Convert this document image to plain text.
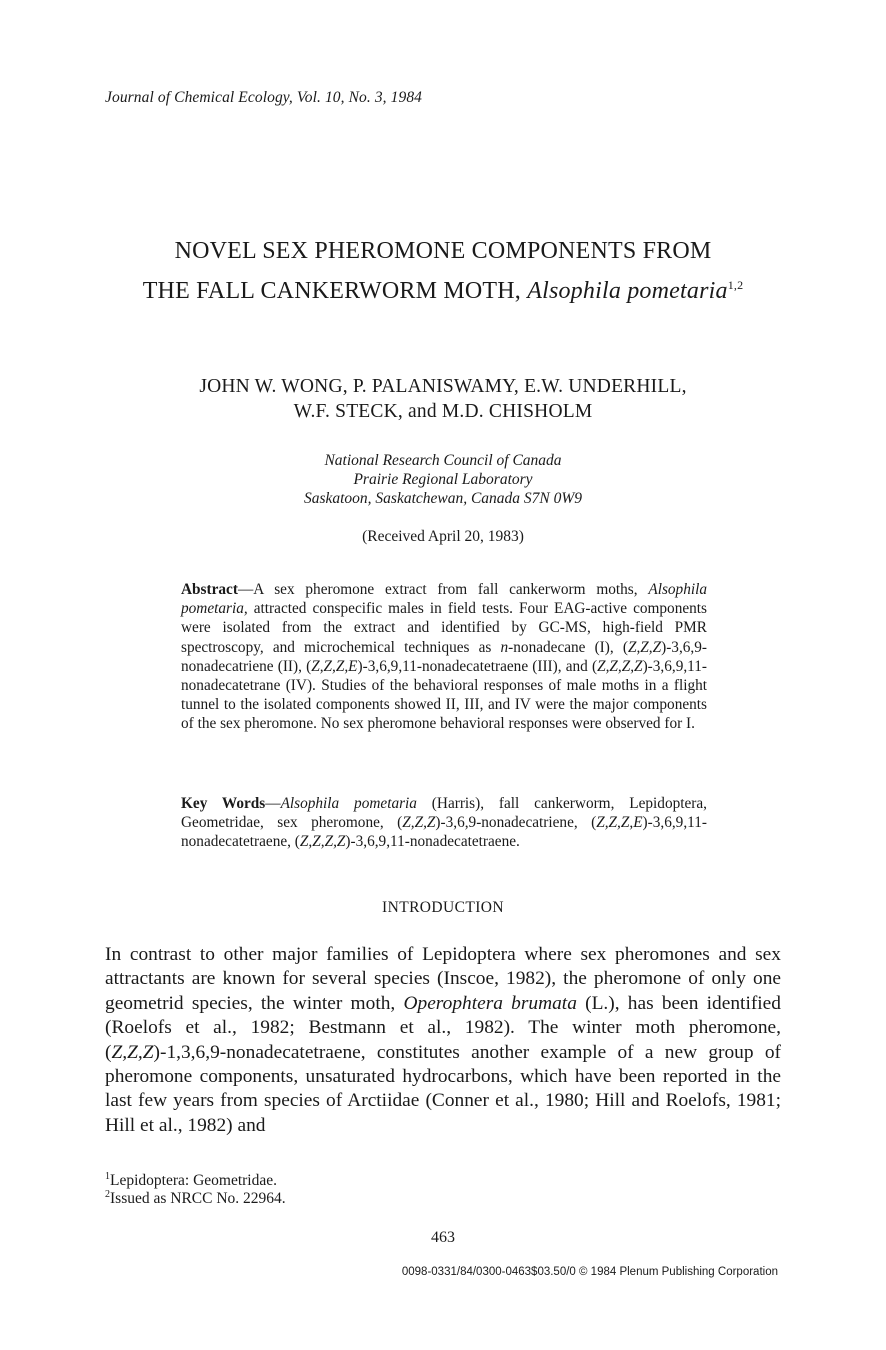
Journal of Chemical Ecology, Vol. 10, No. 3, 1984
NOVEL SEX PHEROMONE COMPONENTS FROM
THE FALL CANKERWORM MOTH, Alsophila pometaria$^{1,2}$
JOHN W. WONG, P. PALANISWAMY, E.W. UNDERHILL,
W.F. STECK, and M.D. CHISHOLM
National Research Council of Canada
Prairie Regional Laboratory
Saskatoon, Saskatchewan, Canada S7N 0W9
(Received April 20, 1983)
Abstract—A sex pheromone extract from fall cankerworm moths, Alsophila pometaria, attracted conspecific males in field tests. Four EAG-active components were isolated from the extract and identified by GC-MS, high-field PMR spectroscopy, and microchemical techniques as n-nonadecane (I), (Z,Z,Z)-3,6,9-nonadecatriene (II), (Z,Z,Z,E)-3,6,9,11-nonadecatetraene (III), and (Z,Z,Z,Z)-3,6,9,11-nonadecatetrane (IV). Studies of the behavioral responses of male moths in a flight tunnel to the isolated components showed II, III, and IV were the major components of the sex pheromone. No sex pheromone behavioral responses were observed for I.
Key Words—Alsophila pometaria (Harris), fall cankerworm, Lepidoptera, Geometridae, sex pheromone, (Z,Z,Z)-3,6,9-nonadecatriene, (Z,Z,Z,E)-3,6,9,11-nonadecatetraene, (Z,Z,Z,Z)-3,6,9,11-nonadecatetraene.
INTRODUCTION
In contrast to other major families of Lepidoptera where sex pheromones and sex attractants are known for several species (Inscoe, 1982), the pheromone of only one geometrid species, the winter moth, Operophtera brumata (L.), has been identified (Roelofs et al., 1982; Bestmann et al., 1982). The winter moth pheromone, (Z,Z,Z)-1,3,6,9-nonadecatetraene, constitutes another example of a new group of pheromone components, unsaturated hydrocarbons, which have been reported in the last few years from species of Arctiidae (Conner et al., 1980; Hill and Roelofs, 1981; Hill et al., 1982) and
$^1$Lepidoptera: Geometridae.
$^2$Issued as NRCC No. 22964.
463
0098-0331/84/0300-0463$03.50/0 © 1984 Plenum Publishing Corporation
